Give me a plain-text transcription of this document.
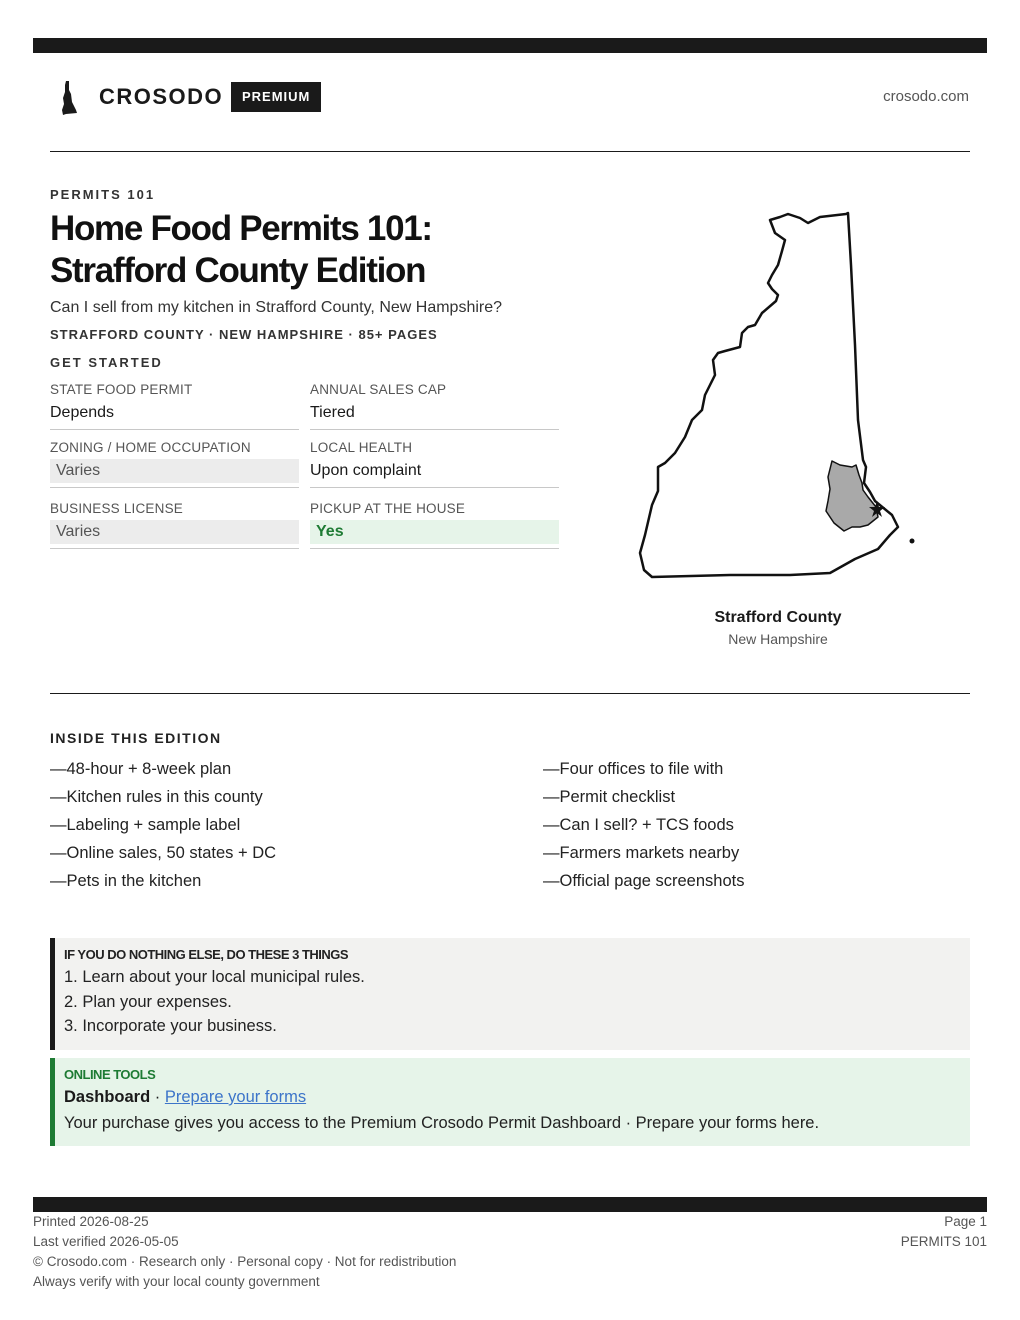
CROSODO	PREMIUM	crosodo.com
PERMITS 101
Home Food Permits 101:
Strafford County Edition
Can I sell from my kitchen in Strafford County, New Hampshire?
STRAFFORD COUNTY · NEW HAMPSHIRE · 85+ PAGES
GET STARTED
STATE FOOD PERMIT
Depends
ANNUAL SALES CAP
Tiered
ZONING / HOME OCCUPATION
Varies
LOCAL HEALTH
Upon complaint
BUSINESS LICENSE
Varies
PICKUP AT THE HOUSE
Yes
Strafford County
New Hampshire
INSIDE THIS EDITION
—48-hour + 8-week plan
—Kitchen rules in this county
—Labeling + sample label
—Online sales, 50 states + DC
—Pets in the kitchen
—Four offices to file with
—Permit checklist
—Can I sell? + TCS foods
—Farmers markets nearby
—Official page screenshots
IF YOU DO NOTHING ELSE, DO THESE 3 THINGS
1. Learn about your local municipal rules.
2. Plan your expenses.
3. Incorporate your business.
ONLINE TOOLS
Dashboard · Prepare your forms
Your purchase gives you access to the Premium Crosodo Permit Dashboard · Prepare your forms here.
Printed 2026-08-25
Last verified 2026-05-05
© Crosodo.com · Research only · Personal copy · Not for redistribution
Always verify with your local county government
Page 1
PERMITS 101
